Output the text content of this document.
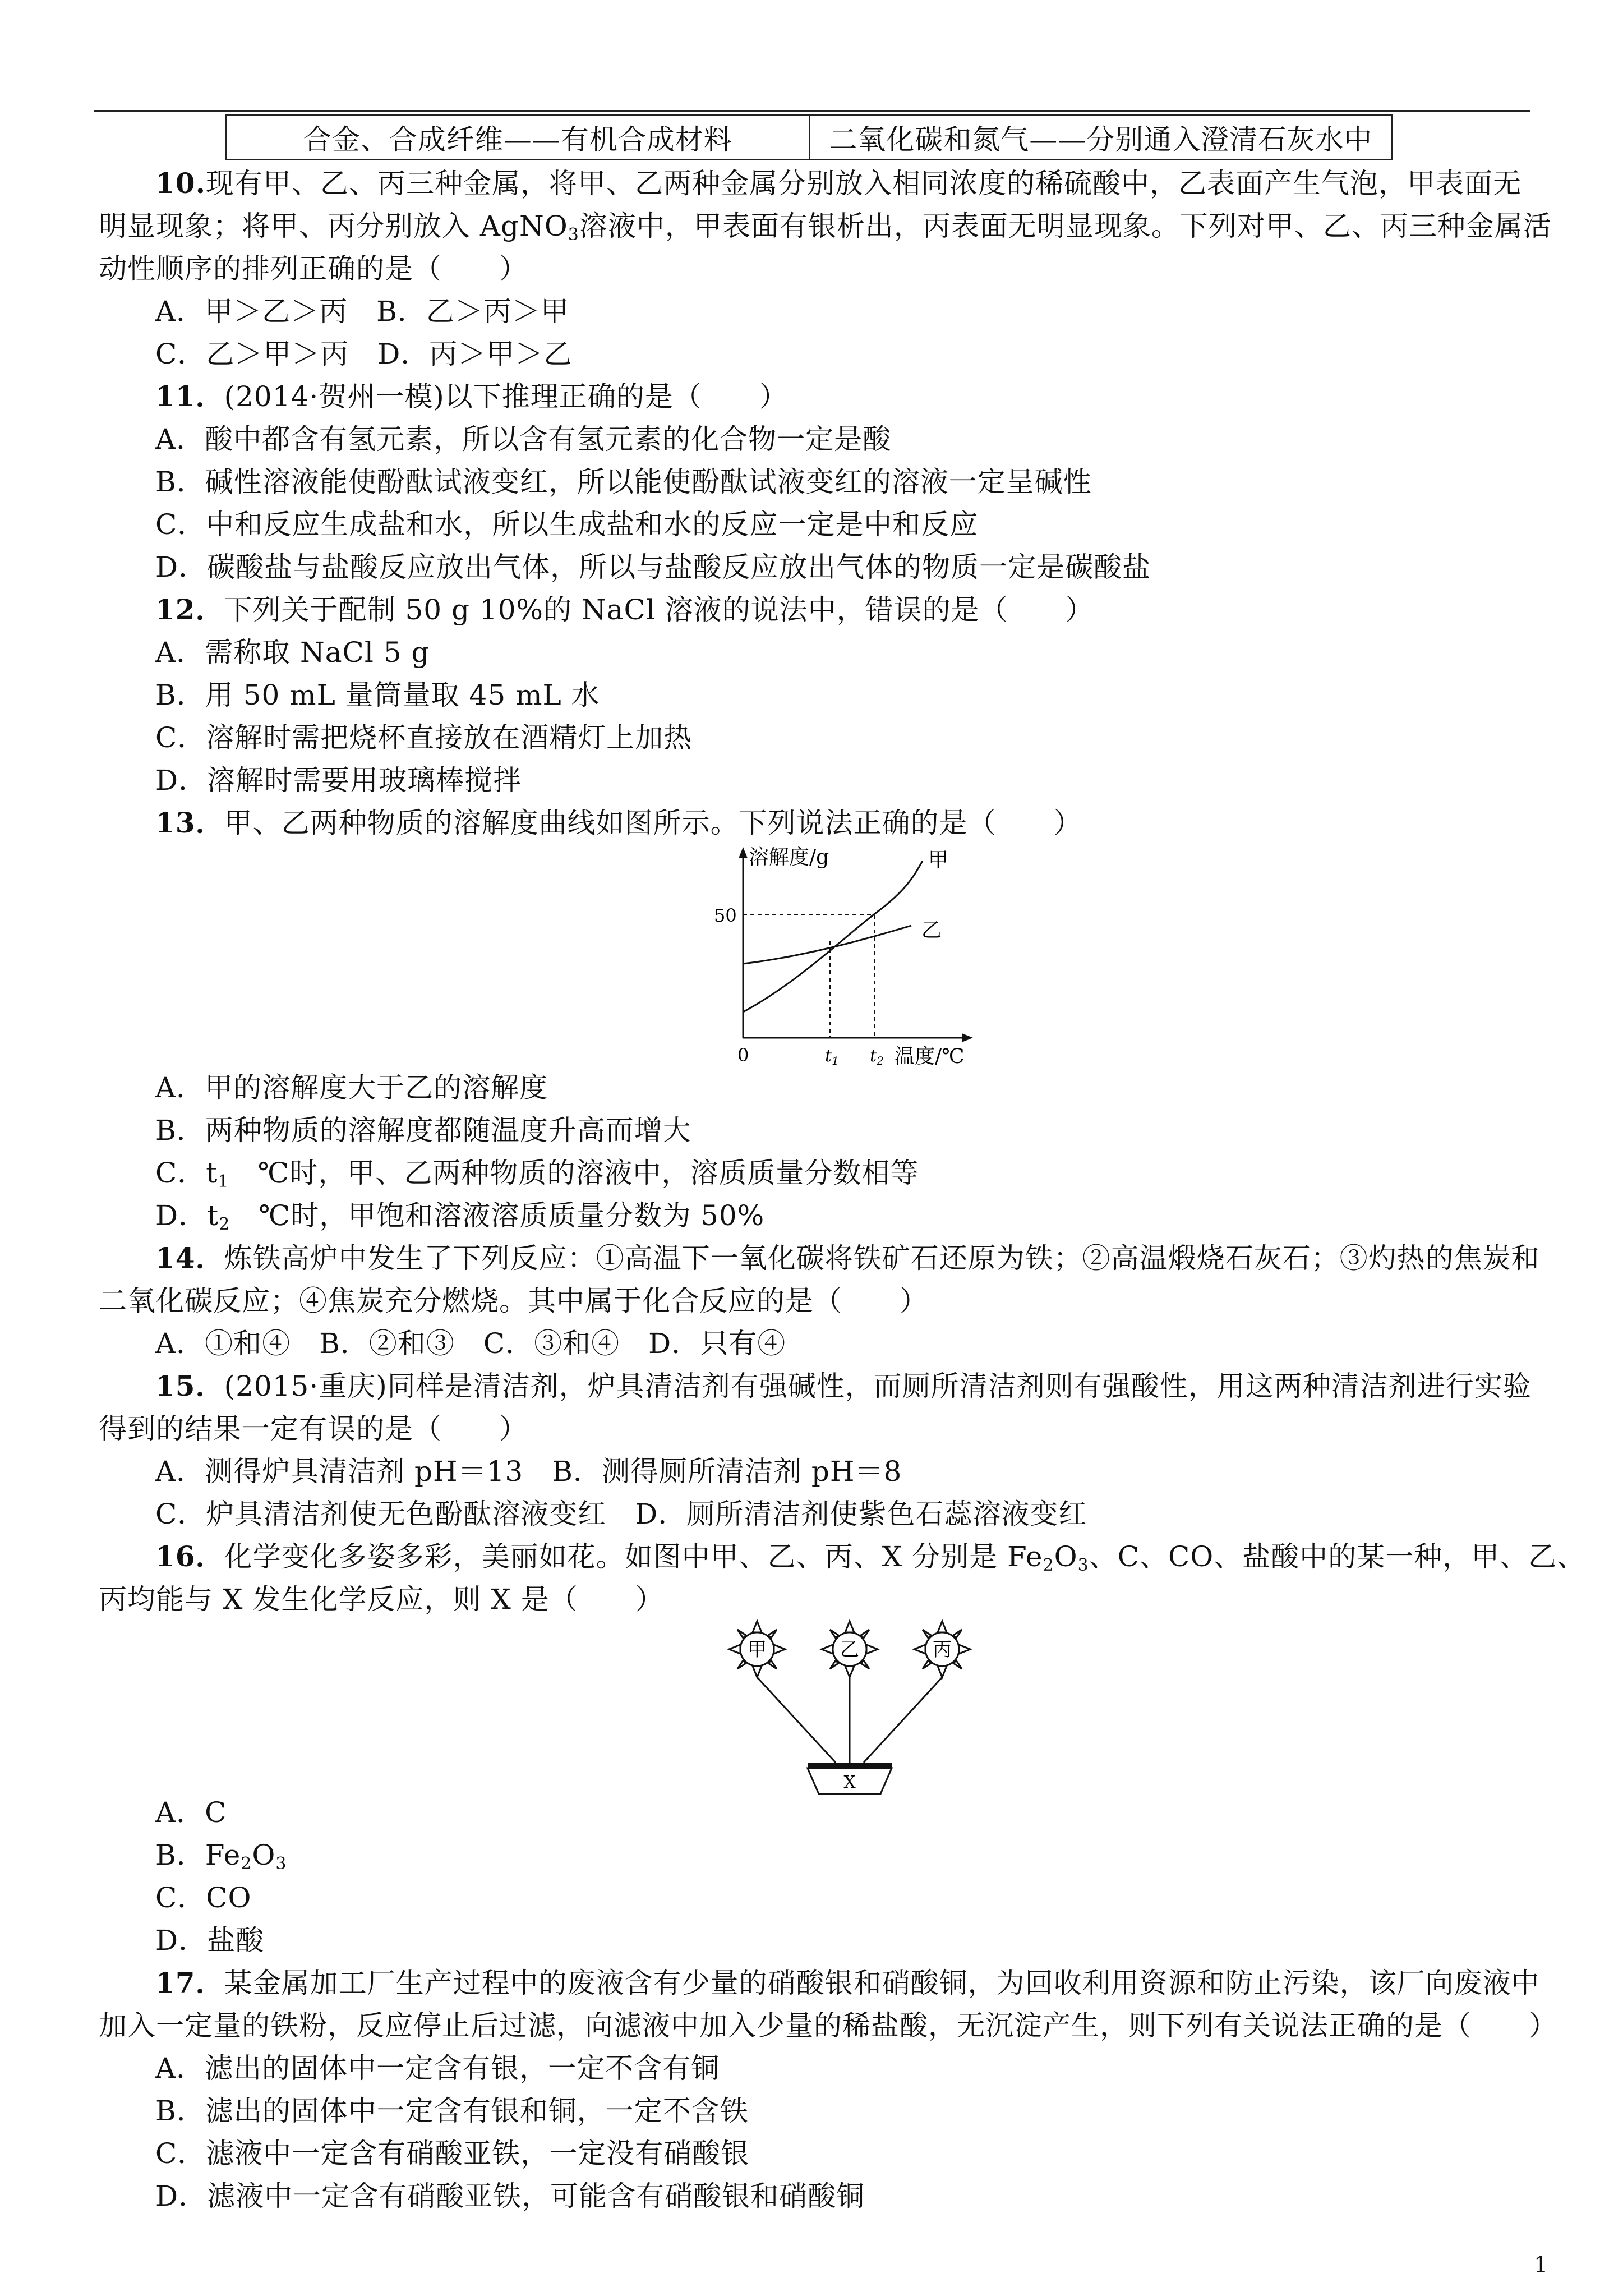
合金、合成纤维——有机合成材料	二氧化碳和氮气——分别通入澄清石灰水中
10.现有甲、乙、丙三种金属，将甲、乙两种金属分别放入相同浓度的稀硫酸中，乙表面产生气泡，甲表面无
明显现象；将甲、丙分别放入 AgNO$_3$溶液中，甲表面有银析出，丙表面无明显现象。下列对甲、乙、丙三种金属活
动性顺序的排列正确的是（　　）
A．甲＞乙＞丙　B．乙＞丙＞甲
C．乙＞甲＞丙　D．丙＞甲＞乙
11．(2014·贺州一模)以下推理正确的是（　　）
A．酸中都含有氢元素，所以含有氢元素的化合物一定是酸
B．碱性溶液能使酚酞试液变红，所以能使酚酞试液变红的溶液一定呈碱性
C．中和反应生成盐和水，所以生成盐和水的反应一定是中和反应
D．碳酸盐与盐酸反应放出气体，所以与盐酸反应放出气体的物质一定是碳酸盐
12．下列关于配制 50 g 10%的 NaCl 溶液的说法中，错误的是（　　）
A．需称取 NaCl 5 g
B．用 50 mL 量筒量取 45 mL 水
C．溶解时需把烧杯直接放在酒精灯上加热
D．溶解时需要用玻璃棒搅拌
13．甲、乙两种物质的溶解度曲线如图所示。下列说法正确的是（　　）
溶解度/g	甲
乙
50
0	$t_1$ $t_2$ 温度/℃
A．甲的溶解度大于乙的溶解度
B．两种物质的溶解度都随温度升高而增大
C．$t_1$　℃时，甲、乙两种物质的溶液中，溶质质量分数相等
D．$t_2$　℃时，甲饱和溶液溶质质量分数为 50%
14．炼铁高炉中发生了下列反应：①高温下一氧化碳将铁矿石还原为铁；②高温煅烧石灰石；③灼热的焦炭和
二氧化碳反应；④焦炭充分燃烧。其中属于化合反应的是（　　）
A．①和④　B．②和③　C．③和④　D．只有④
15．(2015·重庆)同样是清洁剂，炉具清洁剂有强碱性，而厕所清洁剂则有强酸性，用这两种清洁剂进行实验
得到的结果一定有误的是（　　）
A．测得炉具清洁剂 pH＝13　B．测得厕所清洁剂 pH＝8
C．炉具清洁剂使无色酚酞溶液变红　D．厕所清洁剂使紫色石蕊溶液变红
16．化学变化多姿多彩，美丽如花。如图中甲、乙、丙、X 分别是 $Fe_2O_3$、C、CO、盐酸中的某一种，甲、乙、
丙均能与 X 发生化学反应，则 X 是（　　）
甲	乙	丙
X
A．C
B．$Fe_2O_3$
C．CO
D．盐酸
17．某金属加工厂生产过程中的废液含有少量的硝酸银和硝酸铜，为回收利用资源和防止污染，该厂向废液中
加入一定量的铁粉，反应停止后过滤，向滤液中加入少量的稀盐酸，无沉淀产生，则下列有关说法正确的是（　　）
A．滤出的固体中一定含有银，一定不含有铜
B．滤出的固体中一定含有银和铜，一定不含铁
C．滤液中一定含有硝酸亚铁，一定没有硝酸银
D．滤液中一定含有硝酸亚铁，可能含有硝酸银和硝酸铜
1
